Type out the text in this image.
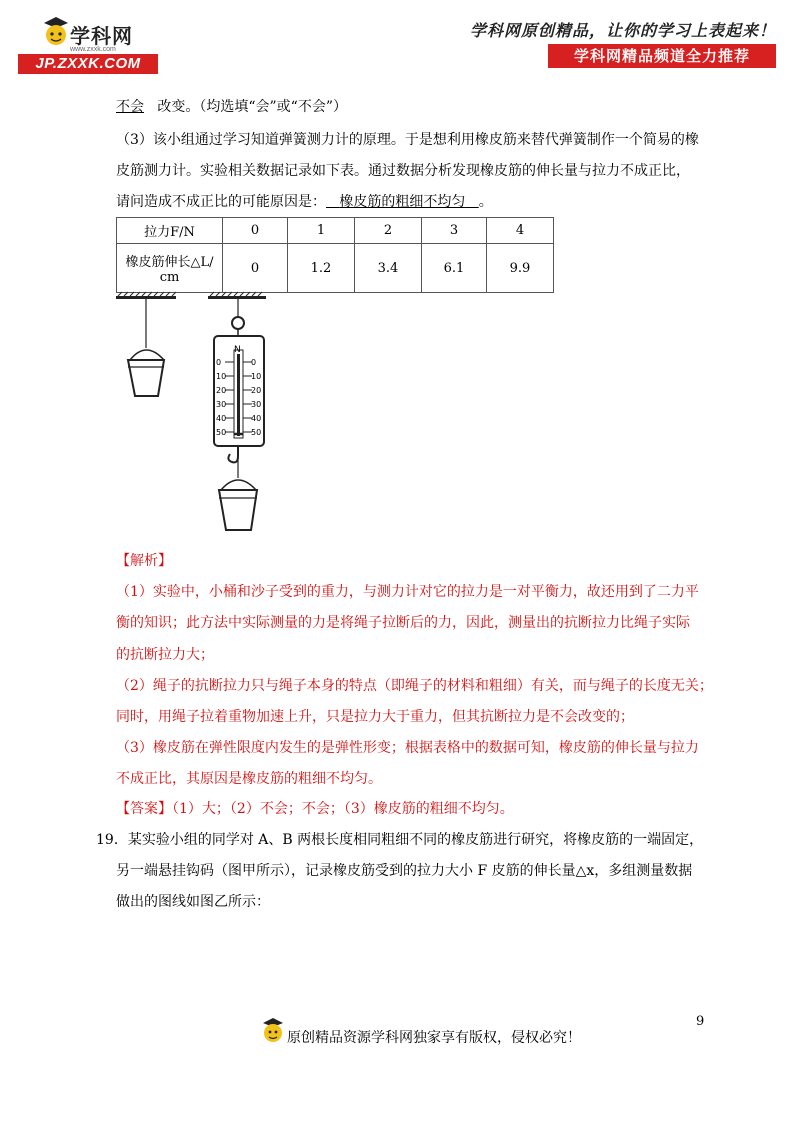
学科网
www.zxxk.com
JP.ZXXK.COM
学科网原创精品，让你的学习上表起来！
学科网精品频道全力推荐
不会 改变。（均选填“会”或“不会”）
（3）该小组通过学习知道弹簧测力计的原理。于是想利用橡皮筋来替代弹簧制作一个简易的橡
皮筋测力计。实验相关数据记录如下表。通过数据分析发现橡皮筋的伸长量与拉力不成正比，
请问造成不成正比的可能原因是： 橡皮筋的粗细不均匀 。
拉力F/N	0	1	2	3	4
橡皮筋伸长△L/
cm	0	1.2	3.4	6.1	9.9
N
0
10
20
30
40
50
0
10
20
30
40
50
【解析】
（1）实验中，小桶和沙子受到的重力，与测力计对它的拉力是一对平衡力，故还用到了二力平
衡的知识；此方法中实际测量的力是将绳子拉断后的力，因此，测量出的抗断拉力比绳子实际
的抗断拉力大；
（2）绳子的抗断拉力只与绳子本身的特点（即绳子的材料和粗细）有关，而与绳子的长度无关；
同时，用绳子拉着重物加速上升，只是拉力大于重力，但其抗断拉力是不会改变的；
（3）橡皮筋在弹性限度内发生的是弹性形变；根据表格中的数据可知，橡皮筋的伸长量与拉力
不成正比，其原因是橡皮筋的粗细不均匀。
【答案】（1）大；（2）不会；不会；（3）橡皮筋的粗细不均匀。
19．某实验小组的同学对 A、B 两根长度相同粗细不同的橡皮筋进行研究，将橡皮筋的一端固定，
另一端悬挂钩码（图甲所示），记录橡皮筋受到的拉力大小 F 皮筋的伸长量△x，多组测量数据
做出的图线如图乙所示：
9
原创精品资源学科网独家享有版权，侵权必究！
